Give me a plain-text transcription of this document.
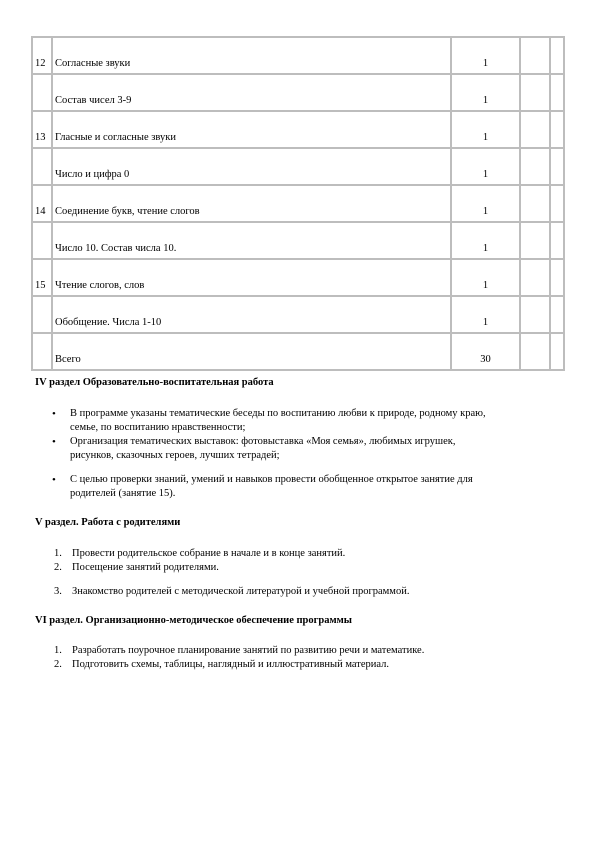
12	Согласные звуки	1		
	Состав чисел 3-9	1		
13	Гласные и согласные звуки	1		
	Число и цифра 0	1		
14	Соединение букв, чтение слогов	1		
	Число 10. Состав числа 10.	1		
15	Чтение слогов, слов	1		
	Обобщение. Числа 1-10	1		
	Всего	30		
IV раздел Образовательно-воспитательная работа
• В программе указаны тематические беседы по воспитанию любви к природе, родному краю,
семье, по воспитанию нравственности;
• Организация тематических выставок: фотовыставка «Моя семья», любимых игрушек,
рисунков, сказочных героев, лучших тетрадей;
• С целью проверки знаний, умений и навыков провести обобщенное открытое занятие для
родителей (занятие 15).
V раздел. Работа с родителями
1. Провести родительское собрание в начале и в конце занятий.
2. Посещение занятий родителями.
3. Знакомство родителей с методической литературой и учебной программой.
VI раздел. Организационно-методическое обеспечение программы
1. Разработать поурочное планирование занятий по развитию речи и математике.
2. Подготовить схемы, таблицы, наглядный и иллюстративный материал.
